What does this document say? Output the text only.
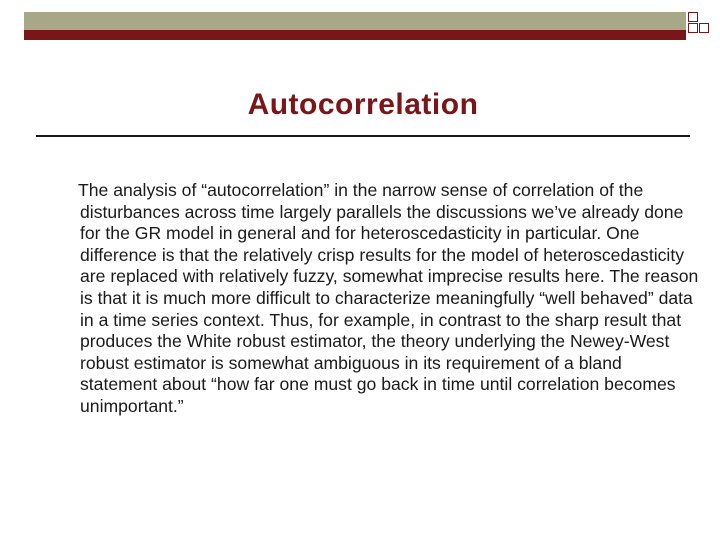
Autocorrelation
The analysis of “autocorrelation” in the narrow sense of correlation of the disturbances across time largely parallels the discussions we’ve already done for the GR model in general and for heteroscedasticity in particular. One difference is that the relatively crisp results for the model of heteroscedasticity are replaced with relatively fuzzy, somewhat imprecise results here. The reason is that it is much more difficult to characterize meaningfully “well behaved” data in a time series context. Thus, for example, in contrast to the sharp result that produces the White robust estimator, the theory underlying the Newey-West robust estimator is somewhat ambiguous in its requirement of a bland statement about “how far one must go back in time until correlation becomes unimportant.”
